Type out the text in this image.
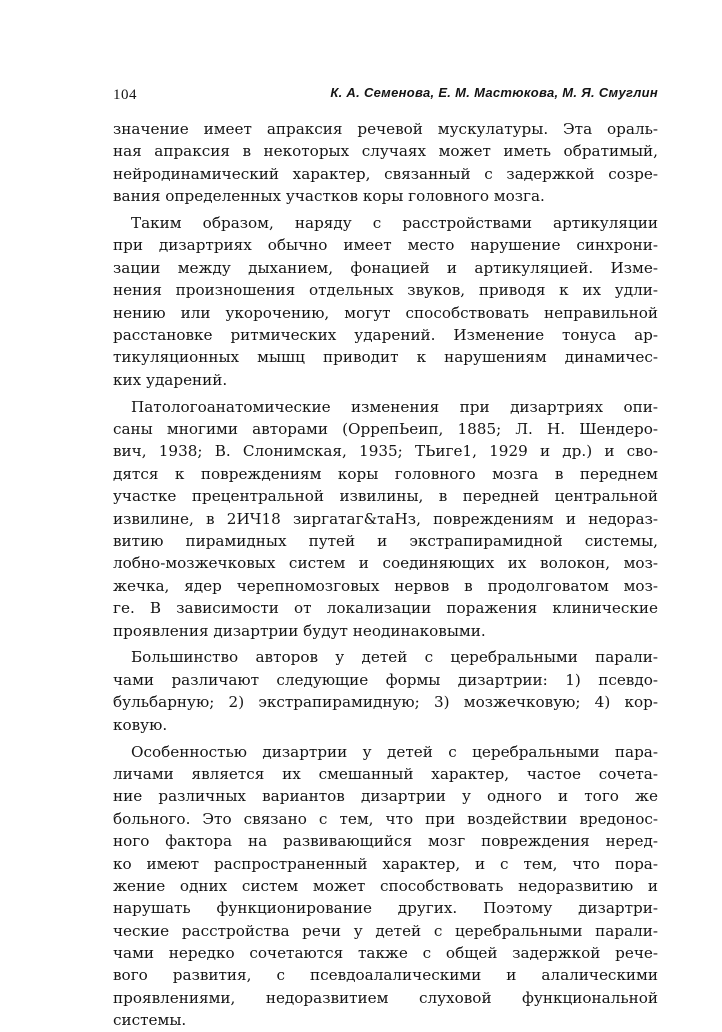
104	К. А. Семенова, Е. М. Мастюкова, М. Я. Смуглин

значение имеет апраксия речевой мускулатуры. Эта ораль-
ная апраксия в некоторых случаях может иметь обратимый,
нейродинамический характер, связанный с задержкой созре-
вания определенных участков коры головного мозга.

Таким образом, наряду с расстройствами артикуляции
при дизартриях обычно имеет место нарушение синхрони-
зации между дыханием, фонацией и артикуляцией. Изме-
нения произношения отдельных звуков, приводя к их удли-
нению или укорочению, могут способствовать неправильной
расстановке ритмических ударений. Изменение тонуса ар-
тикуляционных мышц приводит к нарушениям динамичес-
ких ударений.

Патологоанатомические изменения при дизартриях опи-
саны многими авторами (ОррепЬеип, 1885; Л. Н. Шендеро-
вич, 1938; В. Слонимская, 1935; ТЬиге1, 1929 и др.) и сво-
дятся к повреждениям коры головного мозга в переднем
участке прецентральной извилины, в передней центральной
извилине, в 2ИЧ18 зиргатаг&таНз, повреждениям и недораз-
витию пирамидных путей и экстрапирамидной системы,
лобно-мозжечковых систем и соединяющих их волокон, моз-
жечка, ядер черепномозговых нервов в продолговатом моз-
ге. В зависимости от локализации поражения клинические
проявления дизартрии будут неодинаковыми.

Большинство авторов у детей с церебральными парали-
чами различают следующие формы дизартрии: 1) псевдо-
бульбарную; 2) экстрапирамидную; 3) мозжечковую; 4) кор-
ковую.

Особенностью дизартрии у детей с церебральными пара-
личами является их смешанный характер, частое сочета-
ние различных вариантов дизартрии у одного и того же
больного. Это связано с тем, что при воздействии вредонос-
ного фактора на развивающийся мозг повреждения неред-
ко имеют распространенный характер, и с тем, что пора-
жение одних систем может способствовать недоразвитию и
нарушать функционирование других. Поэтому дизартри-
ческие расстройства речи у детей с церебральными парали-
чами нередко сочетаются также с общей задержкой рече-
вого развития, с псевдоалалическими и алалическими
проявлениями, недоразвитием слуховой функциональной
системы.
